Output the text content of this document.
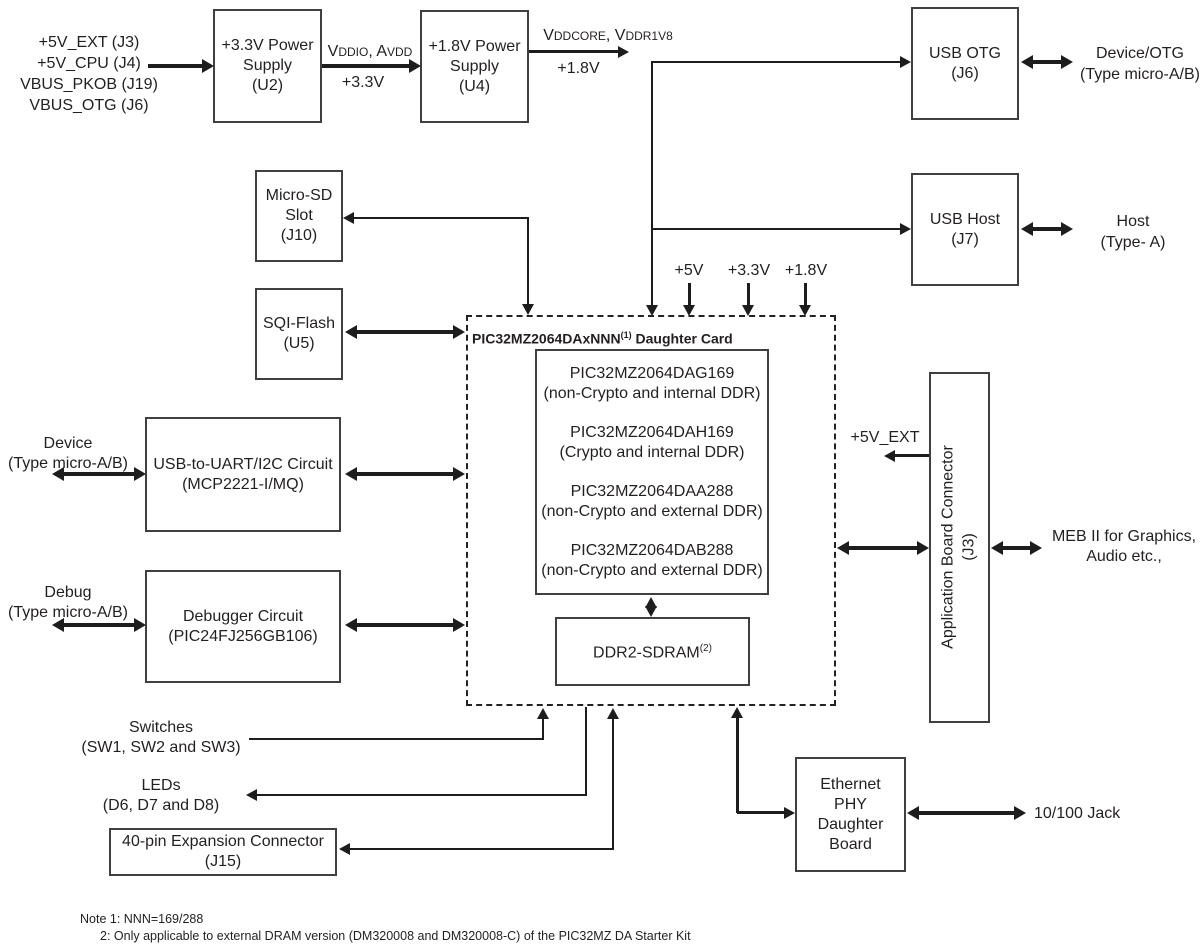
+5V_EXT (J3)
+5V_CPU (J4)
VBUS_PKOB (J19)
VBUS_OTG (J6)
+3.3V Power
Supply
(U2)
+1.8V Power
Supply
(U4)
VDDIO, AVDD
+3.3V
VDDCORE, VDDR1V8
+1.8V
USB OTG
(J6)
USB Host
(J7)
Device/OTG
(Type micro-A/B)
Host
(Type- A)
Micro-SD
Slot
(J10)
SQI-Flash
(U5)
+5V	+3.3V +1.8V
PIC32MZ2064DAxNNN$^{(1)}$ Daughter Card
PIC32MZ2064DAG169
(non-Crypto and internal DDR)
PIC32MZ2064DAH169
(Crypto and internal DDR)
PIC32MZ2064DAA288
(non-Crypto and external DDR)
PIC32MZ2064DAB288
(non-Crypto and external DDR)
DDR2-SDRAM$^{(2)}$
Device
(Type micro-A/B) USB-to-UART/I2C Circuit
(MCP2221-I/MQ)
Debug
(Type micro-A/B)	Debugger Circuit
(PIC24FJ256GB106)
Switches
(SW1, SW2 and SW3)
LEDs
(D6, D7 and D8)
40-pin Expansion Connector
(J15)
Ethernet
PHY
Daughter
Board
10/100 Jack
Application Board Connector (J3)
+5V_EXT
MEB II for Graphics,
Audio etc.,
Note 1: NNN=169/288
2: Only applicable to external DRAM version (DM320008 and DM320008-C) of the PIC32MZ DA Starter Kit
